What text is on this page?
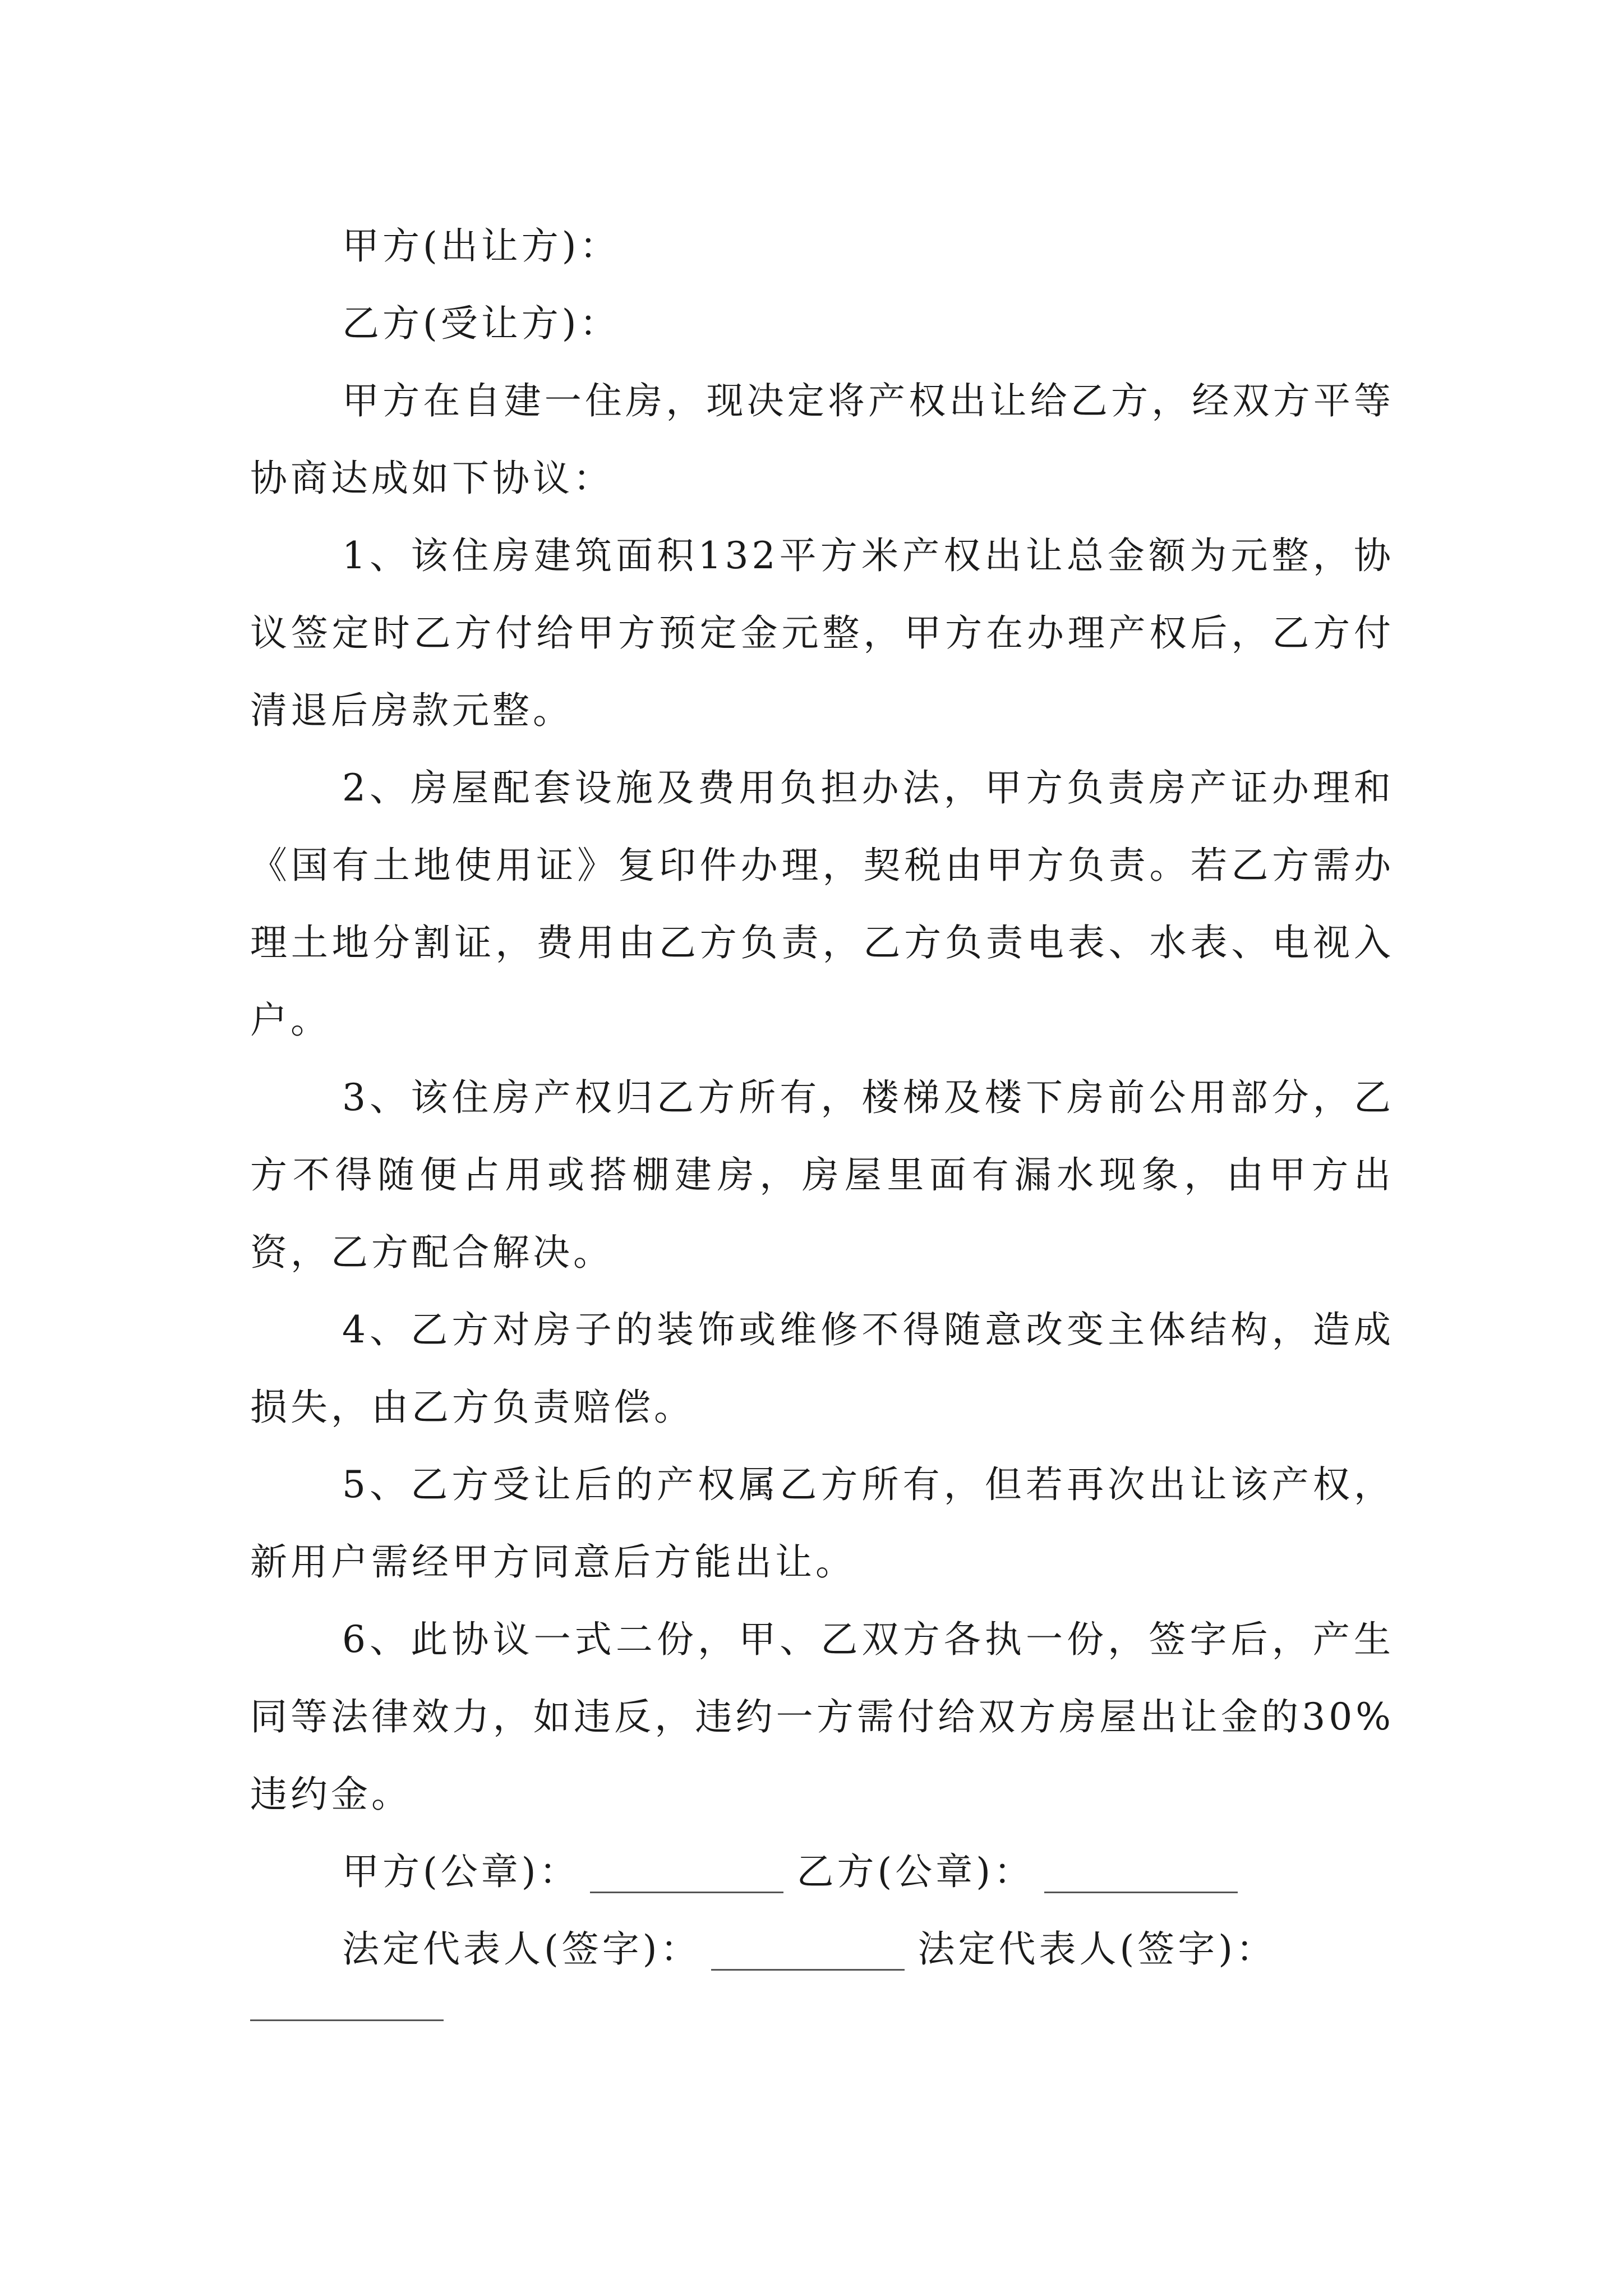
甲方(出让方)：

乙方(受让方)：

甲方在自建一住房，现决定将产权出让给乙方，经双方平等协商达成如下协议：

1、该住房建筑面积132平方米产权出让总金额为元整，协议签定时乙方付给甲方预定金元整，甲方在办理产权后，乙方付清退后房款元整。

2、房屋配套设施及费用负担办法，甲方负责房产证办理和《国有土地使用证》复印件办理，契税由甲方负责。若乙方需办理土地分割证，费用由乙方负责，乙方负责电表、水表、电视入户。

3、该住房产权归乙方所有，楼梯及楼下房前公用部分，乙方不得随便占用或搭棚建房，房屋里面有漏水现象，由甲方出资，乙方配合解决。

4、乙方对房子的装饰或维修不得随意改变主体结构，造成损失，由乙方负责赔偿。

5、乙方受让后的产权属乙方所有，但若再次出让该产权，新用户需经甲方同意后方能出让。

6、此协议一式二份，甲、乙双方各执一份，签字后，产生同等法律效力，如违反，违约一方需付给双方房屋出让金的30%违约金。

甲方(公章)：	乙方(公章)：

法定代表人(签字)：	法定代表人(签字)：
